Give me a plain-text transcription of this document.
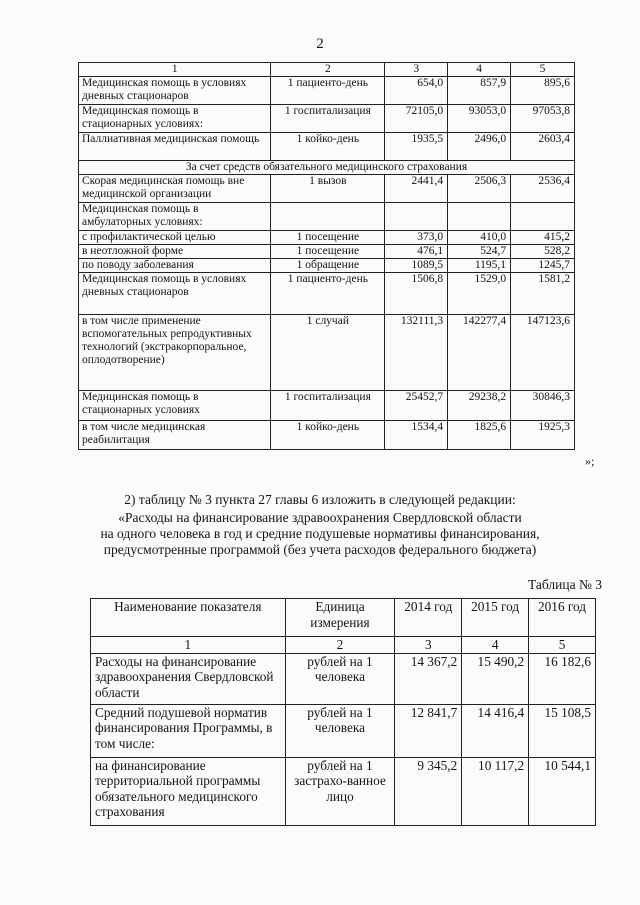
2
1	2	3	4	5
Медицинская помощь в условиях дневных стационаров	1 пациенто-день	654,0	857,9	895,6
Медицинская помощь в стационарных условиях:	1 госпитализация	72105,0	93053,0	97053,8
Паллиативная медицинская помощь	1 койко-день	1935,5	2496,0	2603,4
За счет средств обязательного медицинского страхования				
Скорая медицинская помощь вне медицинской организации	1 вызов	2441,4	2506,3	2536,4
Медицинская помощь в амбулаторных условиях:				
с профилактической целью	1 посещение	373,0	410,0	415,2
в неотложной форме	1 посещение	476,1	524,7	528,2
по поводу заболевания	1 обращение	1089,5	1195,1	1245,7
Медицинская помощь в условиях дневных стационаров	1 пациенто-день	1506,8	1529,0	1581,2
в том числе применение вспомогательных репродуктивных технологий (экстракорпоральное, оплодотворение)	1 случай	132111,3	142277,4	147123,6
Медицинская помощь в стационарных условиях	1 госпитализация	25452,7	29238,2	30846,3
в том числе медицинская реабилитация	1 койко-день	1534,4	1825,6	1925,3
»;
2) таблицу № 3 пункта 27 главы 6 изложить в следующей редакции:
«Расходы на финансирование здравоохранения Свердловской области
на одного человека в год и средние подушевые нормативы финансирования,
предусмотренные программой (без учета расходов федерального бюджета)
Таблица № 3
Наименование показателя	Единица измерения	2014 год	2015 год	2016 год
1	2	3	4	5
Расходы на финансирование здравоохранения Свердловской области	рублей на 1 человека	14 367,2	15 490,2	16 182,6
Средний подушевой норматив финансирования Программы, в том числе:	рублей на 1 человека	12 841,7	14 416,4	15 108,5
на финансирование территориальной программы обязательного медицинского страхования	рублей на 1 застрахо-ванное лицо	9 345,2	10 117,2	10 544,1
